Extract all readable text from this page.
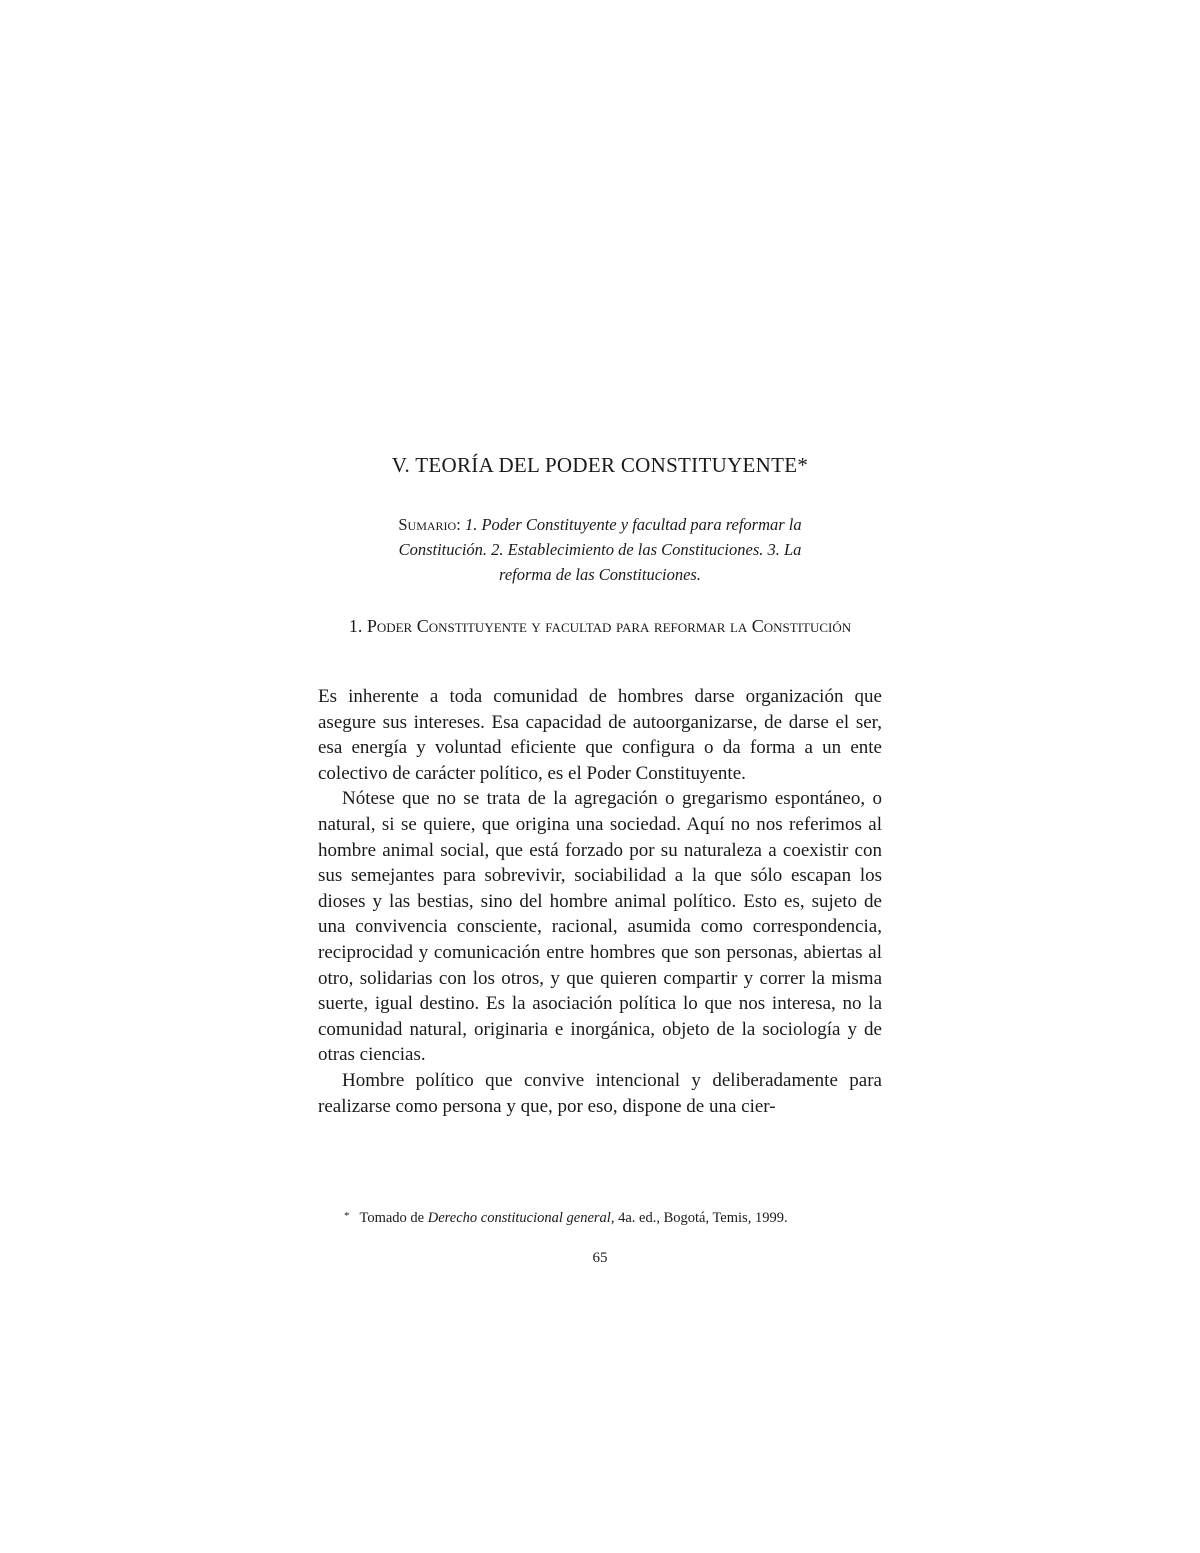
V. TEORÍA DEL PODER CONSTITUYENTE*

Sumario: 1. Poder Constituyente y facultad para reformar la Constitución. 2. Establecimiento de las Constituciones. 3. La reforma de las Constituciones.

1. Poder Constituyente y facultad para reformar la Constitución

Es inherente a toda comunidad de hombres darse organización que asegure sus intereses. Esa capacidad de autoorganizarse, de darse el ser, esa energía y voluntad eficiente que configura o da forma a un ente colectivo de carácter político, es el Poder Constituyente.

Nótese que no se trata de la agregación o gregarismo espontáneo, o natural, si se quiere, que origina una sociedad. Aquí no nos referimos al hombre animal social, que está forzado por su naturaleza a coexistir con sus semejantes para sobrevivir, sociabilidad a la que sólo escapan los dioses y las bestias, sino del hombre animal político. Esto es, sujeto de una convivencia consciente, racional, asumida como correspondencia, reciprocidad y comunicación entre hombres que son personas, abiertas al otro, solidarias con los otros, y que quieren compartir y correr la misma suerte, igual destino. Es la asociación política lo que nos interesa, no la comunidad natural, originaria e inorgánica, objeto de la sociología y de otras ciencias.

Hombre político que convive intencional y deliberadamente para realizarse como persona y que, por eso, dispone de una cier-

* Tomado de Derecho constitucional general, 4a. ed., Bogotá, Temis, 1999.

65
